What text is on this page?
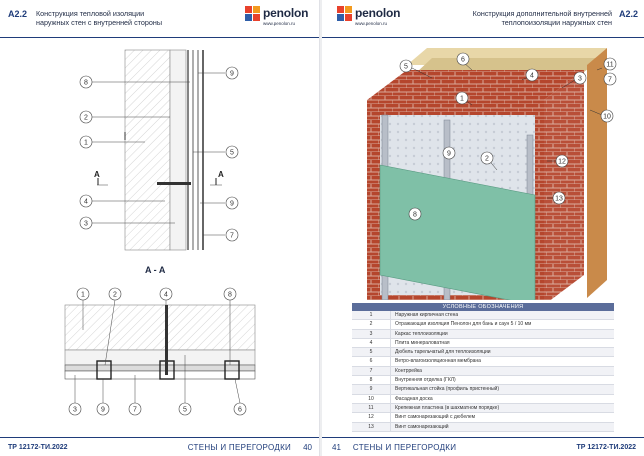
A2.2 Конструкция тепловой изоляции
наружных стен с внутренней стороны
penolon
www.penolon.ru
8
2
1
4
3
9
5
9
7
A	A
A - A
1	2	4	8
3	9	7	5	6
ТР 12172-ТИ.2022	СТЕНЫ И ПЕРЕГОРОДКИ 40
penolon
www.penolon.ru
Конструкция дополнительной внутренней
теплопоизоляции наружных стен
A2.2
11
6
5
7
4	3
1
10
9
2	12
13
8
УСЛОВНЫЕ ОБОЗНАЧЕНИЯ
1	Наружная кирпичная стена
2	Отражающая изоляция Пенолон для бань и саун 5 / 10 мм
3	Каркас теплоизоляции
4	Плита минераловатная
5	Дюбель тарельчатый для теплоизоляции
6	Ветро-влагоизоляционная мембрана
7	Контррейка
8	Внутренняя отделка (ГКЛ)
9	Вертикальная стойка (профиль пристенный)
10	Фасадная доска
11	Крепежная пластина (в шахматном порядке)
12	Винт самонарезающий с дюбелем
13	Винт самонарезающий
41 СТЕНЫ И ПЕРЕГОРОДКИ	ТР 12172-ТИ.2022
